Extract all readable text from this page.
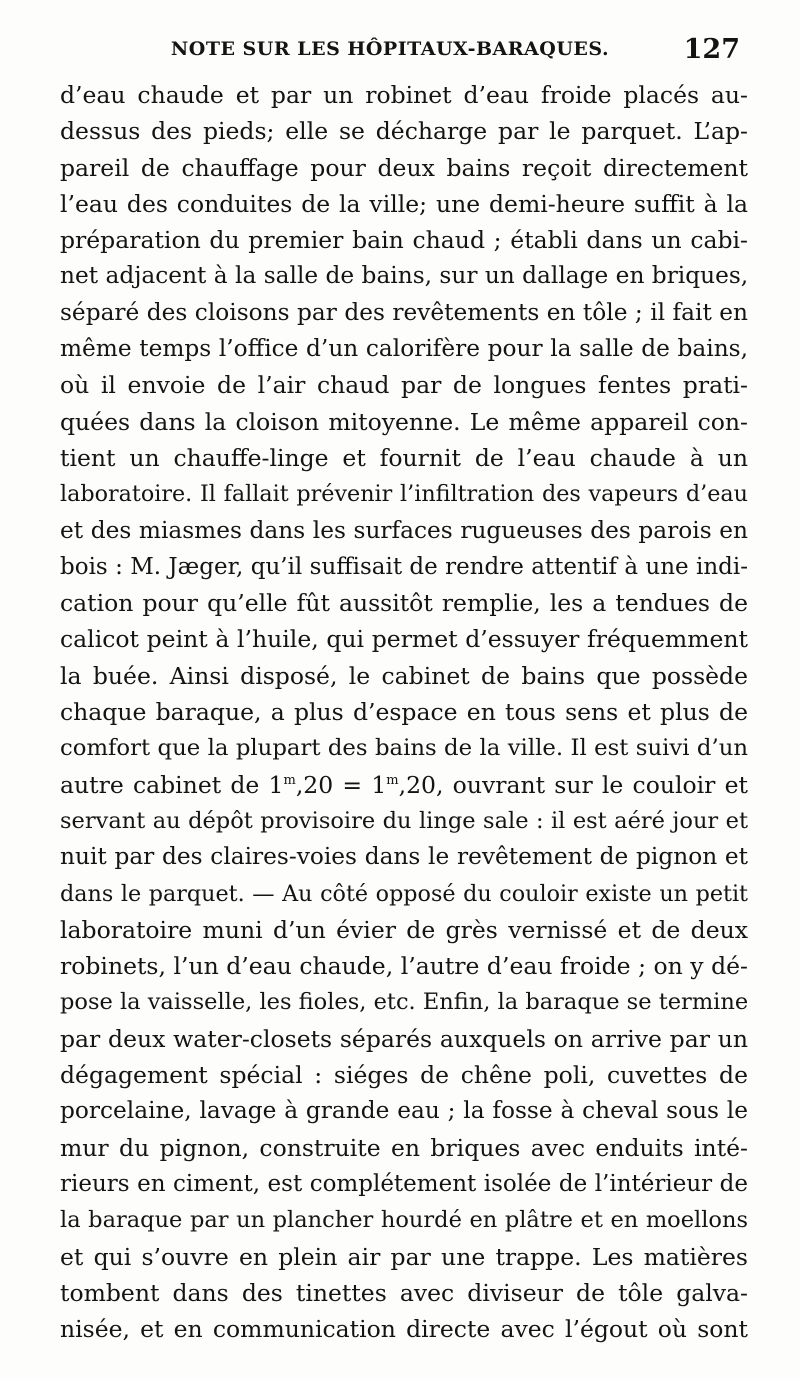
NOTE SUR LES HÔPITAUX-BARAQUES.	127
d’eau chaude et par un robinet d’eau froide placés au-
dessus des pieds; elle se décharge par le parquet. L’ap-
pareil de chauffage pour deux bains reçoit directement
l’eau des conduites de la ville; une demi-heure suffit à la
préparation du premier bain chaud ; établi dans un cabi-
net adjacent à la salle de bains, sur un dallage en briques,
séparé des cloisons par des revêtements en tôle ; il fait en
même temps l’office d’un calorifère pour la salle de bains,
où il envoie de l’air chaud par de longues fentes prati-
quées dans la cloison mitoyenne. Le même appareil con-
tient un chauffe-linge et fournit de l’eau chaude à un
laboratoire. Il fallait prévenir l’infiltration des vapeurs d’eau
et des miasmes dans les surfaces rugueuses des parois en
bois : M. Jæger, qu’il suffisait de rendre attentif à une indi-
cation pour qu’elle fût aussitôt remplie, les a tendues de
calicot peint à l’huile, qui permet d’essuyer fréquemment
la buée. Ainsi disposé, le cabinet de bains que possède
chaque baraque, a plus d’espace en tous sens et plus de
comfort que la plupart des bains de la ville. Il est suivi d’un
autre cabinet de $1^m,20 = 1^m,20$, ouvrant sur le couloir et
servant au dépôt provisoire du linge sale : il est aéré jour et
nuit par des claires-voies dans le revêtement de pignon et
dans le parquet. — Au côté opposé du couloir existe un petit
laboratoire muni d’un évier de grès vernissé et de deux
robinets, l’un d’eau chaude, l’autre d’eau froide ; on y dé-
pose la vaisselle, les fioles, etc. Enfin, la baraque se termine
par deux water-closets séparés auxquels on arrive par un
dégagement spécial : siéges de chêne poli, cuvettes de
porcelaine, lavage à grande eau ; la fosse à cheval sous le
mur du pignon, construite en briques avec enduits inté-
rieurs en ciment, est complétement isolée de l’intérieur de
la baraque par un plancher hourdé en plâtre et en moellons
et qui s’ouvre en plein air par une trappe. Les matières
tombent dans des tinettes avec diviseur de tôle galva-
nisée, et en communication directe avec l’égout où sont
